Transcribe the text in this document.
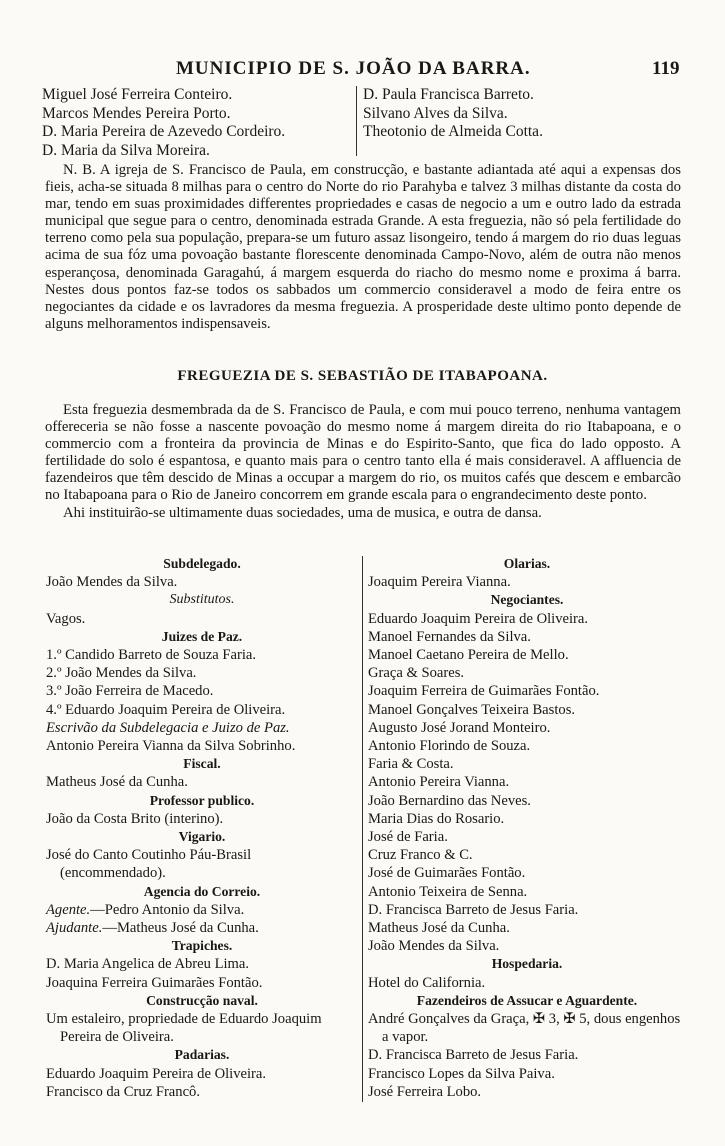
MUNICIPIO DE S. JOÃO DA BARRA.	119
Miguel José Ferreira Conteiro.
Marcos Mendes Pereira Porto.
D. Maria Pereira de Azevedo Cordeiro.
D. Maria da Silva Moreira.
D. Paula Francisca Barreto.
Silvano Alves da Silva.
Theotonio de Almeida Cotta.

N. B. A igreja de S. Francisco de Paula, em construcção, e bastante adiantada até aqui a expensas dos fieis, acha-se situada 8 milhas para o centro do Norte do rio Parahyba e talvez 3 milhas distante da costa do mar, tendo em suas proximidades differentes propriedades e casas de negocio a um e outro lado da estrada municipal que segue para o centro, denominada estrada Grande. A esta freguezia, não só pela fertilidade do terreno como pela sua população, prepara-se um futuro assaz lisongeiro, tendo á margem do rio duas leguas acima de sua fóz uma povoação bastante florescente denominada Campo-Novo, além de outra não menos esperançosa, denominada Garagahú, á margem esquerda do riacho do mesmo nome e proxima á barra. Nestes dous pontos faz-se todos os sabbados um commercio consideravel a modo de feira entre os negociantes da cidade e os lavradores da mesma freguezia. A prosperidade deste ultimo ponto depende de alguns melhoramentos indispensaveis.

FREGUEZIA DE S. SEBASTIÃO DE ITABAPOANA.

Esta freguezia desmembrada da de S. Francisco de Paula, e com mui pouco terreno, nenhuma vantagem offereceria se não fosse a nascente povoação do mesmo nome á margem direita do rio Itabapoana, e o commercio com a fronteira da provincia de Minas e do Espirito-Santo, que fica do lado opposto. A fertilidade do solo é espantosa, e quanto mais para o centro tanto ella é mais consideravel. A affluencia de fazendeiros que têm descido de Minas a occupar a margem do rio, os muitos cafés que descem e embarcão no Itabapoana para o Rio de Janeiro concorrem em grande escala para o engrandecimento deste ponto.

Ahi instituirão-se ultimamente duas sociedades, uma de musica, e outra de dansa.

Subdelegado.
João Mendes da Silva.
Substitutos.
Vagos.
Juizes de Paz.
1.º Candido Barreto de Souza Faria.
2.º João Mendes da Silva.
3.º João Ferreira de Macedo.
4.º Eduardo Joaquim Pereira de Oliveira.
Escrivão da Subdelegacia e Juizo de Paz.
Antonio Pereira Vianna da Silva Sobrinho.
Fiscal.
Matheus José da Cunha.
Professor publico.
João da Costa Brito (interino).
Vigario.
José do Canto Coutinho Páu-Brasil (encommendado).
Agencia do Correio.
Agente.—Pedro Antonio da Silva.
Ajudante.—Matheus José da Cunha.
Trapiches.
D. Maria Angelica de Abreu Lima.
Joaquina Ferreira Guimarães Fontão.
Construcção naval.
Um estaleiro, propriedade de Eduardo Joaquim Pereira de Oliveira.
Padarias.
Eduardo Joaquim Pereira de Oliveira.
Francisco da Cruz Francô.
Olarias.
Joaquim Pereira Vianna.
Negociantes.
Eduardo Joaquim Pereira de Oliveira.
Manoel Fernandes da Silva.
Manoel Caetano Pereira de Mello.
Graça & Soares.
Joaquim Ferreira de Guimarães Fontão.
Manoel Gonçalves Teixeira Bastos.
Augusto José Jorand Monteiro.
Antonio Florindo de Souza.
Faria & Costa.
Antonio Pereira Vianna.
João Bernardino das Neves.
Maria Dias do Rosario.
José de Faria.
Cruz Franco & C.
José de Guimarães Fontão.
Antonio Teixeira de Senna.
D. Francisca Barreto de Jesus Faria.
Matheus José da Cunha.
João Mendes da Silva.
Hospedaria.
Hotel do California.
Fazendeiros de Assucar e Aguardente.
André Gonçalves da Graça, ✠ 3, ✠ 5, dous engenhos a vapor.
D. Francisca Barreto de Jesus Faria.
Francisco Lopes da Silva Paiva.
José Ferreira Lobo.
